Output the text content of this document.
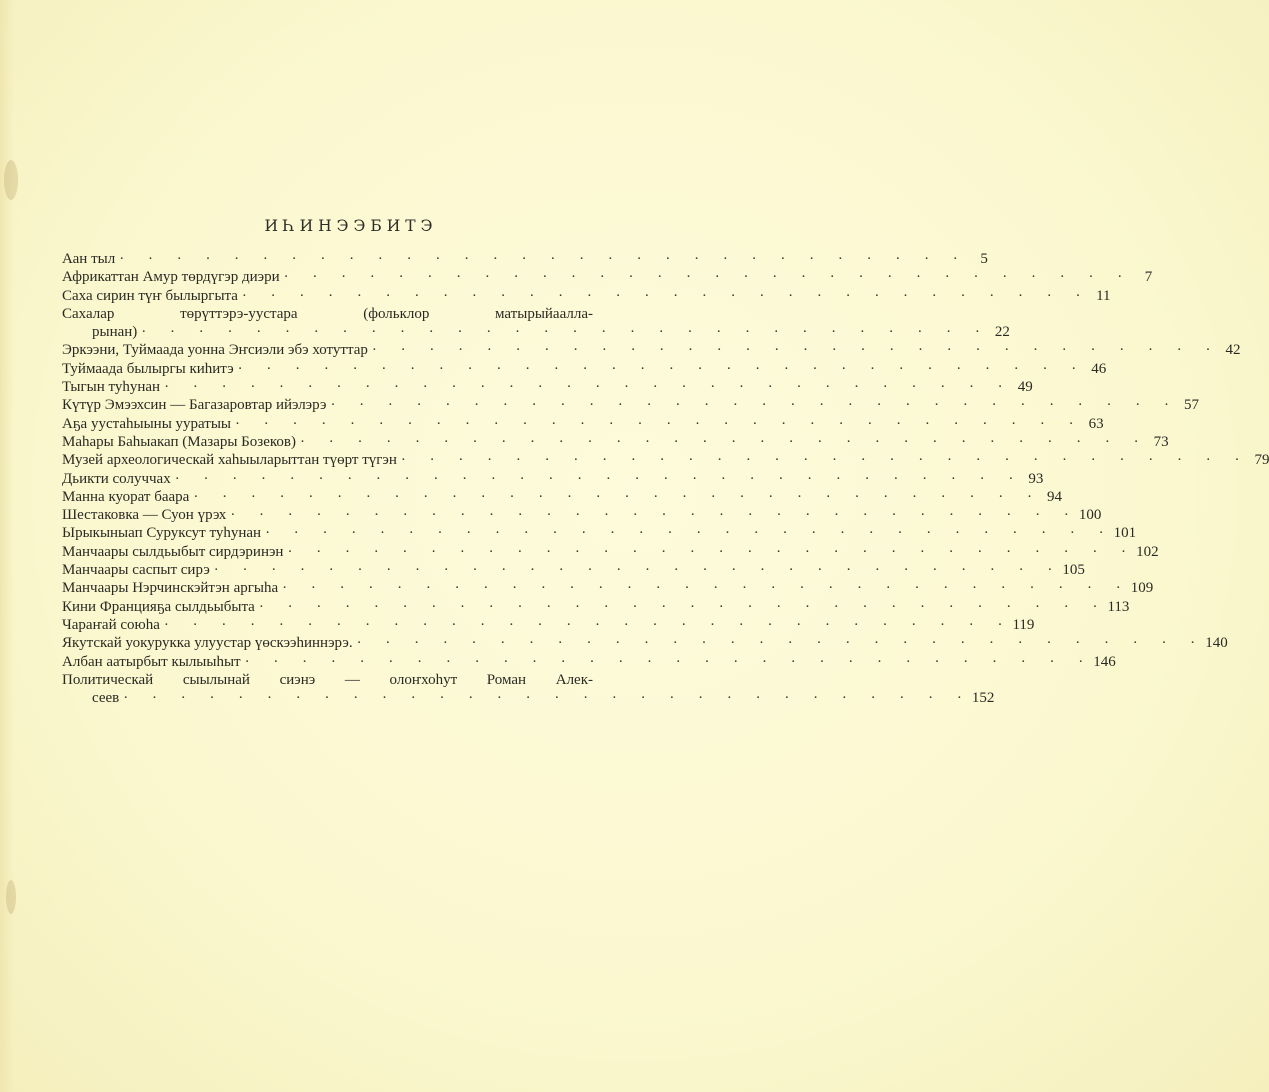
ИҺИНЭЭБИТЭ
Аан тыл · · · · · · · · · · · · · · · · · · · · · · · · · · · · · · 5
Африкаттан Амур төрдүгэр диэри · · · · · · · · · · · · · · · · · · · · · · · · · · · · · · 7
Саха сирин түҥ былыргыта · · · · · · · · · · · · · · · · · · · · · · · · · · · · · · 11
Сахалар төрүттэрэ-уустара (фольклор матырыйаалла-
рынан) · · · · · · · · · · · · · · · · · · · · · · · · · · · · · · 22
Эркээни, Туймаада уонна Эҥсиэли эбэ хотуттар · · · · · · · · · · · · · · · · · · · · · · · · · · · · · · 42
Туймаада былыргы киһитэ · · · · · · · · · · · · · · · · · · · · · · · · · · · · · · 46
Тыгын туһунан · · · · · · · · · · · · · · · · · · · · · · · · · · · · · · 49
Күтүр Эмээхсин — Багазаровтар ийэлэрэ · · · · · · · · · · · · · · · · · · · · · · · · · · · · · · 57
Аҕа уустаһыыны ууратыы · · · · · · · · · · · · · · · · · · · · · · · · · · · · · · 63
Маһары Баһыакап (Мазары Бозеков) · · · · · · · · · · · · · · · · · · · · · · · · · · · · · · 73
Музей археологическай хаһыыларыттан түөрт түгэн · · · · · · · · · · · · · · · · · · · · · · · · · · · · · · 79
Дьикти солуччах · · · · · · · · · · · · · · · · · · · · · · · · · · · · · · 93
Манна куорат баара · · · · · · · · · · · · · · · · · · · · · · · · · · · · · · 94
Шестаковка — Суон үрэх · · · · · · · · · · · · · · · · · · · · · · · · · · · · · · 100
Ырыкыныап Суруксут туһунан · · · · · · · · · · · · · · · · · · · · · · · · · · · · · · 101
Манчаары сылдьыбыт сирдэринэн · · · · · · · · · · · · · · · · · · · · · · · · · · · · · · 102
Манчаары саспыт сирэ · · · · · · · · · · · · · · · · · · · · · · · · · · · · · · 105
Манчаары Нэрчинскэйтэн аргыһа · · · · · · · · · · · · · · · · · · · · · · · · · · · · · · 109
Кини Францияҕа сылдьыбыта · · · · · · · · · · · · · · · · · · · · · · · · · · · · · · 113
Чараҥай союһа · · · · · · · · · · · · · · · · · · · · · · · · · · · · · · 119
Якутскай уокурукка улуустар үөскээһиннэрэ. · · · · · · · · · · · · · · · · · · · · · · · · · · · · · · 140
Албан аатырбыт кылыыһыт · · · · · · · · · · · · · · · · · · · · · · · · · · · · · · 146
Политическай сыылынай сиэнэ — олоҥхоһут Роман Алек-
сеев · · · · · · · · · · · · · · · · · · · · · · · · · · · · · · 152
